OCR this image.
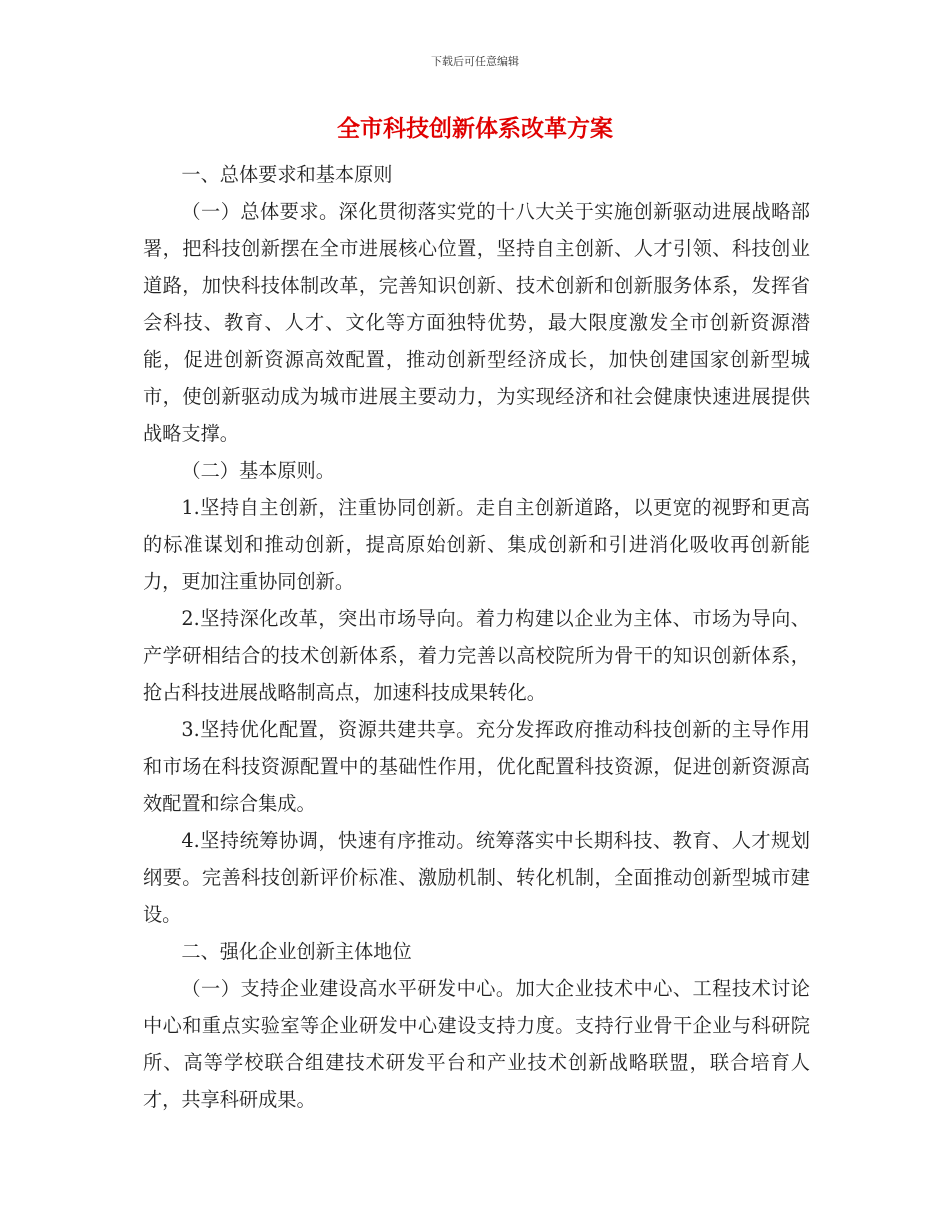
下载后可任意编辑
全市科技创新体系改革方案

一、总体要求和基本原则

（一）总体要求。深化贯彻落实党的十八大关于实施创新驱动进展战略部署，把科技创新摆在全市进展核心位置，坚持自主创新、人才引领、科技创业道路，加快科技体制改革，完善知识创新、技术创新和创新服务体系，发挥省会科技、教育、人才、文化等方面独特优势，最大限度激发全市创新资源潜能，促进创新资源高效配置，推动创新型经济成长，加快创建国家创新型城市，使创新驱动成为城市进展主要动力，为实现经济和社会健康快速进展提供战略支撑。

（二）基本原则。

1.坚持自主创新，注重协同创新。走自主创新道路，以更宽的视野和更高的标准谋划和推动创新，提高原始创新、集成创新和引进消化吸收再创新能力，更加注重协同创新。

2.坚持深化改革，突出市场导向。着力构建以企业为主体、市场为导向、产学研相结合的技术创新体系，着力完善以高校院所为骨干的知识创新体系，抢占科技进展战略制高点，加速科技成果转化。

3.坚持优化配置，资源共建共享。充分发挥政府推动科技创新的主导作用和市场在科技资源配置中的基础性作用，优化配置科技资源，促进创新资源高效配置和综合集成。

4.坚持统筹协调，快速有序推动。统筹落实中长期科技、教育、人才规划纲要。完善科技创新评价标准、激励机制、转化机制，全面推动创新型城市建设。

二、强化企业创新主体地位

（一）支持企业建设高水平研发中心。加大企业技术中心、工程技术讨论中心和重点实验室等企业研发中心建设支持力度。支持行业骨干企业与科研院所、高等学校联合组建技术研发平台和产业技术创新战略联盟，联合培育人才，共享科研成果。
